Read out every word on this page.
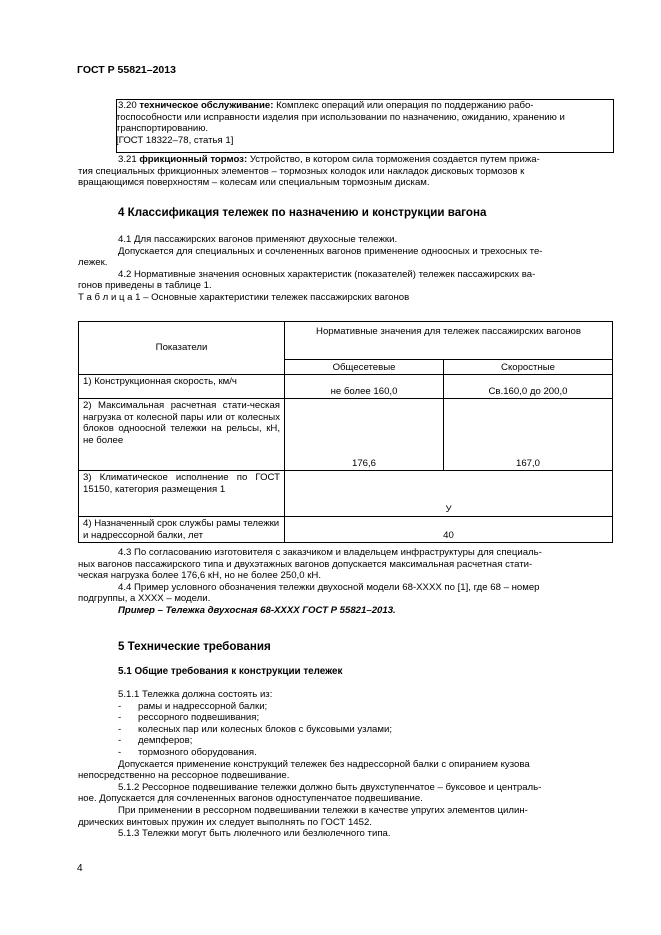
ГОСТ Р 55821–2013
3.20 техническое обслуживание: Комплекс операций или операция по поддержанию рабо-
тоспособности или исправности изделия при использовании по назначению, ожиданию, хранению и
транспортированию.
[ГОСТ 18322–78, статья 1]
3.21 фрикционный тормоз: Устройство, в котором сила торможения создается путем прижа-
тия специальных фрикционных элементов – тормозных колодок или накладок дисковых тормозов к
вращающимся поверхностям – колесам или специальным тормозным дискам.
4 Классификация тележек по назначению и конструкции вагона
4.1 Для пассажирских вагонов применяют двухосные тележки.
Допускается для специальных и сочлененных вагонов применение одноосных и трехосных те-
лежек.
4.2 Нормативные значения основных характеристик (показателей) тележек пассажирских ва-
гонов приведены в таблице 1.
Т а б л и ц а 1 – Основные характеристики тележек пассажирских вагонов
Показатели	Нормативные значения для тележек пассажирских вагонов	
	Общесетевые	Скоростные
1) Конструкционная скорость, км/ч	не более 160,0	Св.160,0 до 200,0
2) Максимальная расчетная стати-ческая нагрузка от колесной пары или от колесных блоков одноосной тележки на рельсы, кН, не более	176,6	167,0
3) Климатическое исполнение по ГОСТ 15150, категория размещения 1	У	
4) Назначенный срок службы рамы тележки и надрессорной балки, лет	40	
4.3 По согласованию изготовителя с заказчиком и владельцем инфраструктуры для специаль-
ных вагонов пассажирского типа и двухэтажных вагонов допускается максимальная расчетная стати-
ческая нагрузка более 176,6 кН, но не более 250,0 кН.
4.4 Пример условного обозначения тележки двухосной модели 68-ХХХХ по [1], где 68 – номер
подгруппы, а ХХХХ – модели.
Пример – Тележка двухосная 68-ХХХХ ГОСТ Р 55821–2013.
5 Технические требования
5.1 Общие требования к конструкции тележек
5.1.1 Тележка должна состоять из:
- рамы и надрессорной балки;
- рессорного подвешивания;
- колесных пар или колесных блоков с буксовыми узлами;
- демпферов;
- тормозного оборудования.
Допускается применение конструкций тележек без надрессорной балки с опиранием кузова
непосредственно на рессорное подвешивание.
5.1.2 Рессорное подвешивание тележки должно быть двухступенчатое – буксовое и централь-
ное. Допускается для сочлененных вагонов одноступенчатое подвешивание.
При применении в рессорном подвешивании тележки в качестве упругих элементов цилин-
дрических винтовых пружин их следует выполнять по ГОСТ 1452.
5.1.3 Тележки могут быть люлечного или безлюлечного типа.
4
